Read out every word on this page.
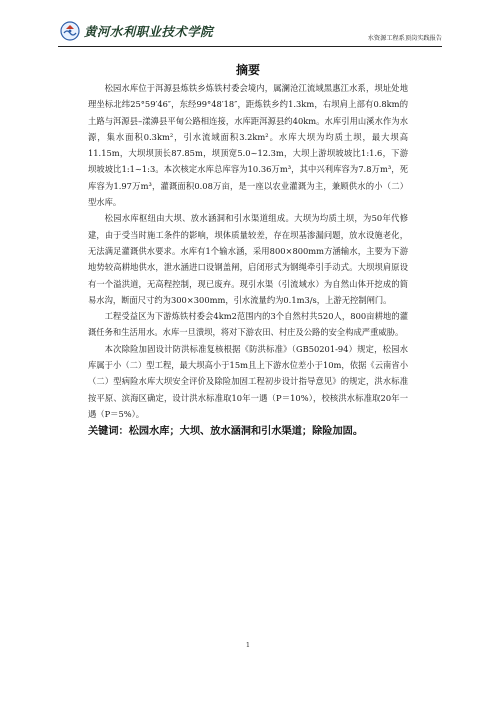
黄河水利职业技术学院	水资源工程系顶岗实践报告
摘要

松园水库位于洱源县炼铁乡炼铁村委会境内，属澜沧江流域黑惠江水系，坝址处地理坐标北纬25°59′46″，东经99°48′18″，距炼铁乡约1.3km，右坝肩上部有0.8km的土路与洱源县–漾濞县平甸公路相连接，水库距洱源县约40km。水库引用山溪水作为水源，集水面积0.3km²，引水流域面积3.2km²。水库大坝为均质土坝，最大坝高11.15m，大坝坝顶长87.85m，坝顶宽5.0~12.3m，大坝上游坝坡坡比1:1.6，下游坝坡坡比1:1~1:3。本次核定水库总库容为10.36万m³，其中兴利库容为7.8万m³，死库容为1.97万m³，灌溉面积0.08万亩，是一座以农业灌溉为主，兼顾供水的小（二）型水库。

松园水库枢纽由大坝、放水涵洞和引水渠道组成。大坝为均质土坝，为50年代修建，由于受当时施工条件的影响，坝体质量较差，存在坝基渗漏问题，放水设施老化，无法满足灌溉供水要求。水库有1个输水涵，采用800×800mm方涵输水，主要为下游地势较高耕地供水，泄水涵进口设钢盖闸，启闭形式为钢绳牵引手动式。大坝坝肩原设有一个溢洪道，无高程控制，现已废弃。现引水渠（引流域水）为自然山体开挖成的简易水沟，断面尺寸约为300×300mm，引水流量约为0.1m3/s，上游无控制闸门。

工程受益区为下游炼铁村委会4km2范围内的3个自然村共520人，800亩耕地的灌溉任务和生活用水。水库一旦溃坝，将对下游农田、村庄及公路的安全构成严重威胁。

本次除险加固设计防洪标准复核根据《防洪标准》（GB50201-94）规定，松园水库属于小（二）型工程，最大坝高小于15m且上下游水位差小于10m，依据《云南省小（二）型病险水库大坝安全评价及除险加固工程初步设计指导意见》的规定，洪水标准按平原、滨海区确定，设计洪水标准取10年一遇（P＝10%），校核洪水标准取20年一遇（P＝5%）。

关键词：松园水库；大坝、放水涵洞和引水渠道；除险加固。

1
